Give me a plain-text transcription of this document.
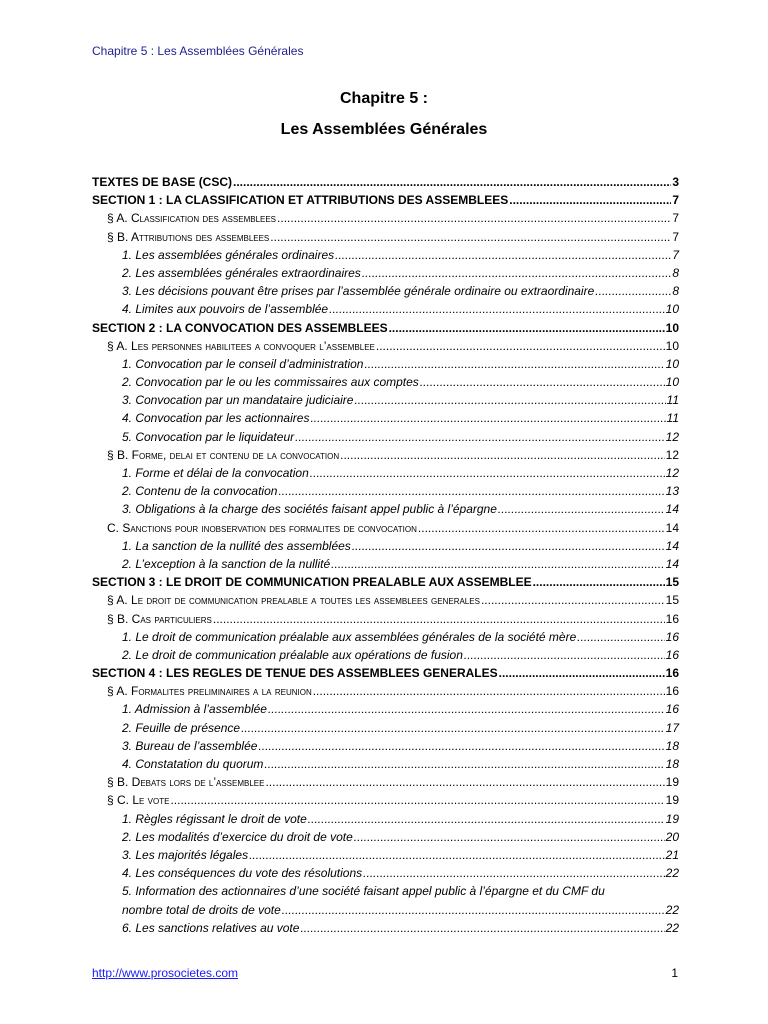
Chapitre 5 : Les Assemblées Générales

Chapitre 5 :

Les Assemblées Générales

TEXTES DE BASE (CSC) .....	3
SECTION 1 : LA CLASSIFICATION ET ATTRIBUTIONS DES ASSEMBLEES .....	7
§ A. Classification des assemblees .....	7
§ B. Attributions des assemblees .....	7
1. Les assemblées générales ordinaires .....	7
2. Les assemblées générales extraordinaires .....	8
3. Les décisions pouvant être prises par l’assemblée générale ordinaire ou extraordinaire .....	8
4. Limites aux pouvoirs de l’assemblée .....	10
SECTION 2 : LA CONVOCATION DES ASSEMBLEES .....	10
§ A. Les personnes habilitees a convoquer l’assemblee .....	10
1. Convocation par le conseil d’administration .....	10
2. Convocation par le ou les commissaires aux comptes .....	10
3. Convocation par un mandataire judiciaire .....	11
4. Convocation par les actionnaires .....	11
5. Convocation par le liquidateur .....	12
§ B. Forme, delai et contenu de la convocation .....	12
1. Forme et délai de la convocation .....	12
2. Contenu de la convocation .....	13
3. Obligations à la charge des sociétés faisant appel public à l’épargne .....	14
C. Sanctions pour inobservation des formalites de convocation .....	14
1. La sanction de la nullité des assemblées .....	14
2. L’exception à la sanction de la nullité .....	14
SECTION 3 : LE DROIT DE COMMUNICATION PREALABLE AUX ASSEMBLEE .....	15
§ A. Le droit de communication prealable a toutes les assemblees generales .....	15
§ B. Cas particuliers .....	16
1. Le droit de communication préalable aux assemblées générales de la société mère .....	16
2. Le droit de communication préalable aux opérations de fusion .....	16
SECTION 4 : LES REGLES DE TENUE DES ASSEMBLEES GENERALES .....	16
§ A. Formalites preliminaires a la reunion .....	16
1. Admission à l’assemblée .....	16
2. Feuille de présence .....	17
3. Bureau de l’assemblée .....	18
4. Constatation du quorum .....	18
§ B. Debats lors de l’assemblee .....	19
§ C. Le vote .....	19
1. Règles régissant le droit de vote .....	19
2. Les modalités d’exercice du droit de vote .....	20
3. Les majorités légales .....	21
4. Les conséquences du vote des résolutions .....	22
5. Information des actionnaires d’une société faisant appel public à l’épargne et du CMF du
nombre total de droits de vote .....	22
6. Les sanctions relatives au vote .....	22
http://www.prosocietes.com	1
